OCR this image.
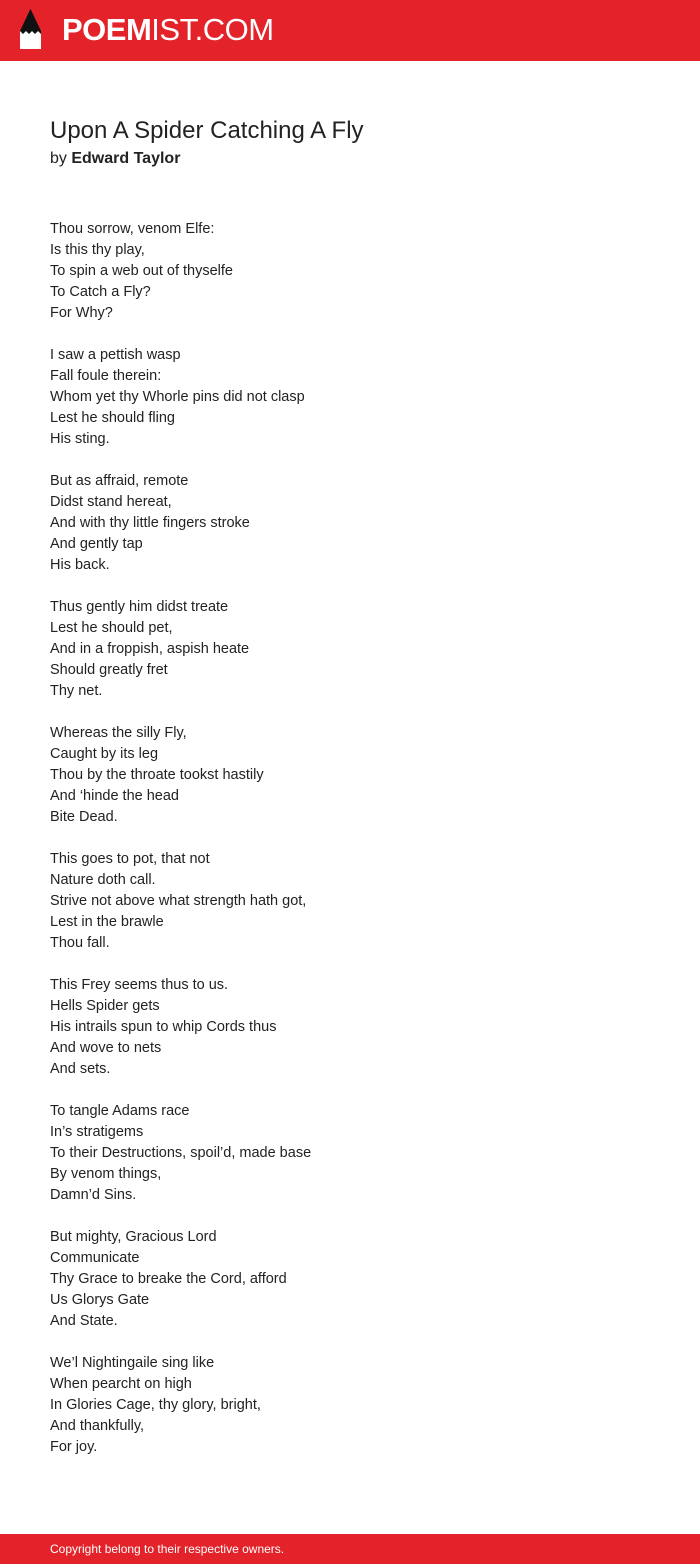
POEMIST.COM
Upon A Spider Catching A Fly
by Edward Taylor
Thou sorrow, venom Elfe:
Is this thy play,
To spin a web out of thyselfe
To Catch a Fly?
For Why?
I saw a pettish wasp
Fall foule therein:
Whom yet thy Whorle pins did not clasp
Lest he should fling
His sting.
But as affraid, remote
Didst stand hereat,
And with thy little fingers stroke
And gently tap
His back.
Thus gently him didst treate
Lest he should pet,
And in a froppish, aspish heate
Should greatly fret
Thy net.
Whereas the silly Fly,
Caught by its leg
Thou by the throate tookst hastily
And ‘hinde the head
Bite Dead.
This goes to pot, that not
Nature doth call.
Strive not above what strength hath got,
Lest in the brawle
Thou fall.
This Frey seems thus to us.
Hells Spider gets
His intrails spun to whip Cords thus
And wove to nets
And sets.
To tangle Adams race
In’s stratigems
To their Destructions, spoil’d, made base
By venom things,
Damn’d Sins.
But mighty, Gracious Lord
Communicate
Thy Grace to breake the Cord, afford
Us Glorys Gate
And State.
We’l Nightingaile sing like
When pearcht on high
In Glories Cage, thy glory, bright,
And thankfully,
For joy.
Copyright belong to their respective owners.
